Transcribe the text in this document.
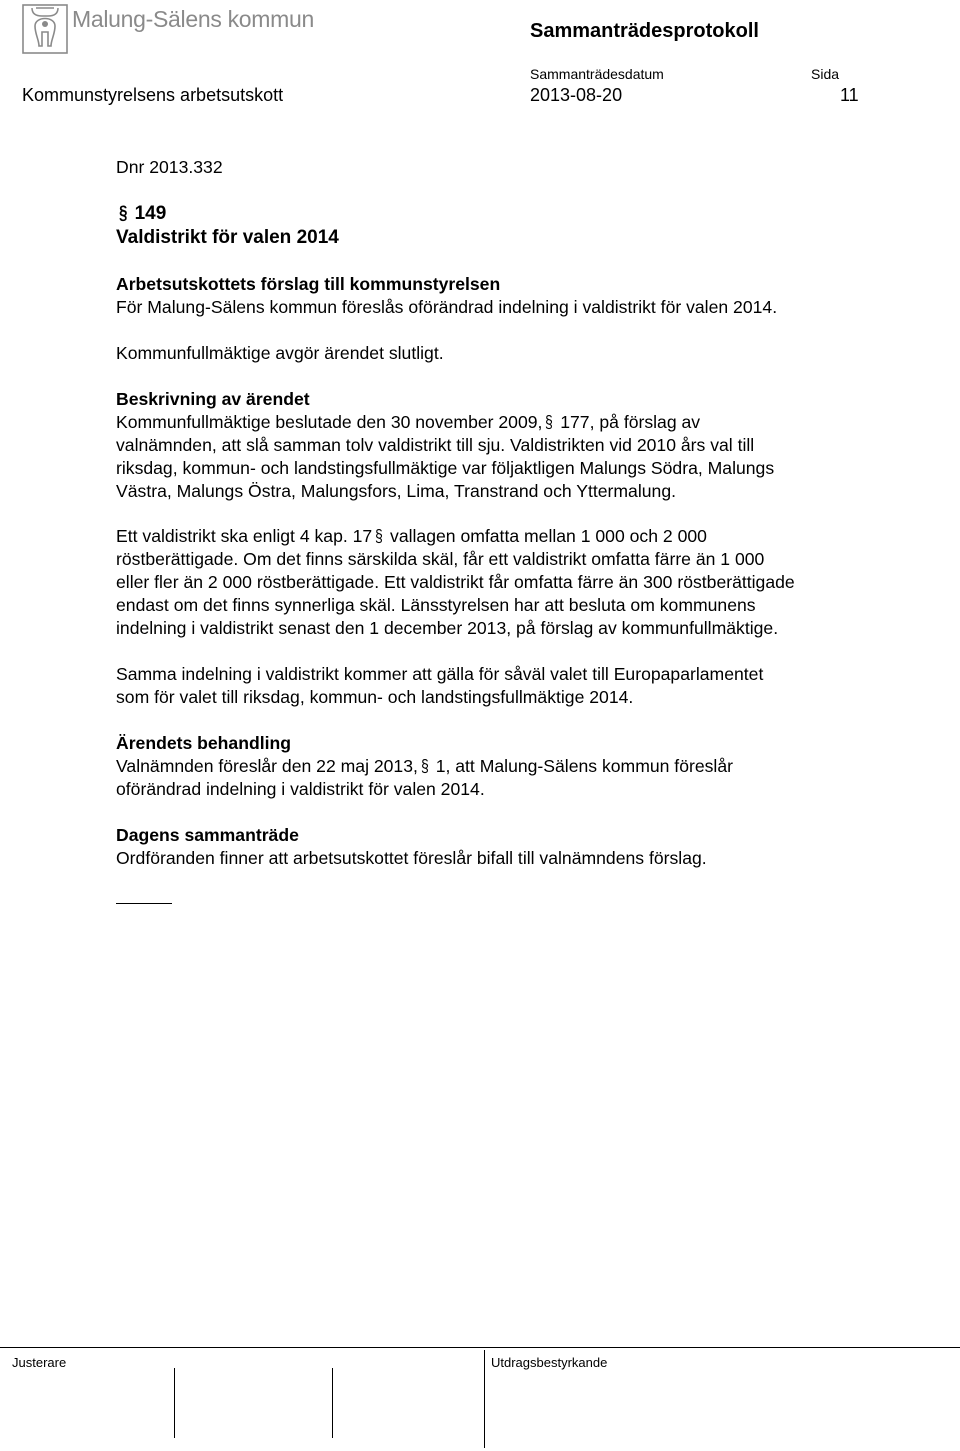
Malung-Sälens kommun	Sammanträdesprotokoll
Sammanträdesdatum	Sida
Kommunstyrelsens arbetsutskott	2013-08-20	11

Dnr 2013.332

§ 149

Valdistrikt för valen 2014

Arbetsutskottets förslag till kommunstyrelsen

För Malung-Sälens kommun föreslås oförändrad indelning i valdistrikt för valen 2014.

Kommunfullmäktige avgör ärendet slutligt.

Beskrivning av ärendet

Kommunfullmäktige beslutade den 30 november 2009, § 177, på förslag av

valnämnden, att slå samman tolv valdistrikt till sju. Valdistrikten vid 2010 års val till

riksdag, kommun- och landstingsfullmäktige var följaktligen Malungs Södra, Malungs

Västra, Malungs Östra, Malungsfors, Lima, Transtrand och Yttermalung.

Ett valdistrikt ska enligt 4 kap. 17 § vallagen omfatta mellan 1 000 och 2 000

röstberättigade. Om det finns särskilda skäl, får ett valdistrikt omfatta färre än 1 000

eller fler än 2 000 röstberättigade. Ett valdistrikt får omfatta färre än 300 röstberättigade

endast om det finns synnerliga skäl. Länsstyrelsen har att besluta om kommunens

indelning i valdistrikt senast den 1 december 2013, på förslag av kommunfullmäktige.

Samma indelning i valdistrikt kommer att gälla för såväl valet till Europaparlamentet

som för valet till riksdag, kommun- och landstingsfullmäktige 2014.

Ärendets behandling

Valnämnden föreslår den 22 maj 2013, § 1, att Malung-Sälens kommun föreslår

oförändrad indelning i valdistrikt för valen 2014.

Dagens sammanträde

Ordföranden finner att arbetsutskottet föreslår bifall till valnämndens förslag.

Justerare	Utdragsbestyrkande
